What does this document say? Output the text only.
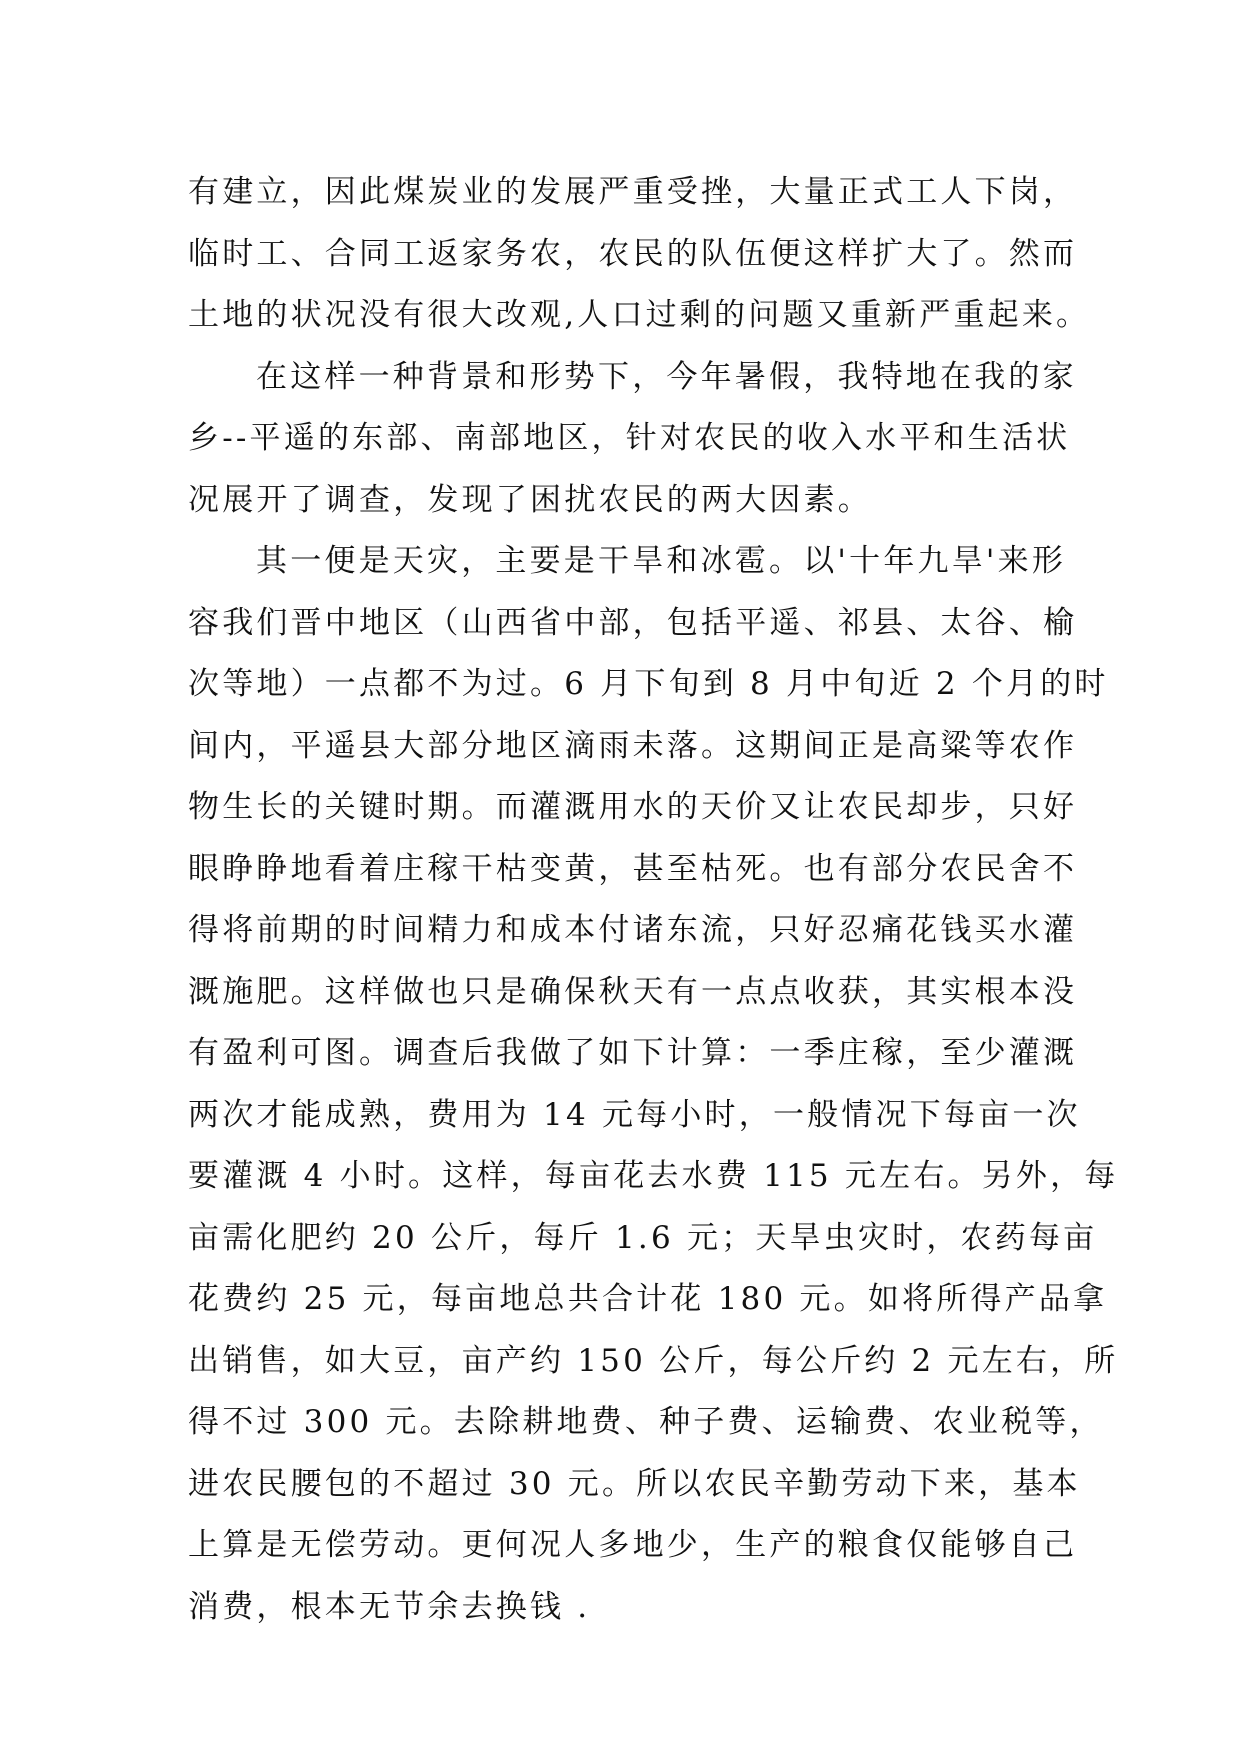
有建立，因此煤炭业的发展严重受挫，大量正式工人下岗，
临时工、合同工返家务农，农民的队伍便这样扩大了。然而
土地的状况没有很大改观,人口过剩的问题又重新严重起来。
在这样一种背景和形势下，今年暑假，我特地在我的家
乡--平遥的东部、南部地区，针对农民的收入水平和生活状
况展开了调查，发现了困扰农民的两大因素。
其一便是天灾，主要是干旱和冰雹。以'十年九旱'来形
容我们晋中地区（山西省中部，包括平遥、祁县、太谷、榆
次等地）一点都不为过。6 月下旬到 8 月中旬近 2 个月的时
间内，平遥县大部分地区滴雨未落。这期间正是高粱等农作
物生长的关键时期。而灌溉用水的天价又让农民却步，只好
眼睁睁地看着庄稼干枯变黄，甚至枯死。也有部分农民舍不
得将前期的时间精力和成本付诸东流，只好忍痛花钱买水灌
溉施肥。这样做也只是确保秋天有一点点收获，其实根本没
有盈利可图。调查后我做了如下计算：一季庄稼，至少灌溉
两次才能成熟，费用为 14 元每小时，一般情况下每亩一次
要灌溉 4 小时。这样，每亩花去水费 115 元左右。另外，每
亩需化肥约 20 公斤，每斤 1.6 元；天旱虫灾时，农药每亩
花费约 25 元，每亩地总共合计花 180 元。如将所得产品拿
出销售，如大豆，亩产约 150 公斤，每公斤约 2 元左右，所
得不过 300 元。去除耕地费、种子费、运输费、农业税等，
进农民腰包的不超过 30 元。所以农民辛勤劳动下来，基本
上算是无偿劳动。更何况人多地少，生产的粮食仅能够自己
消费，根本无节余去换钱 .
